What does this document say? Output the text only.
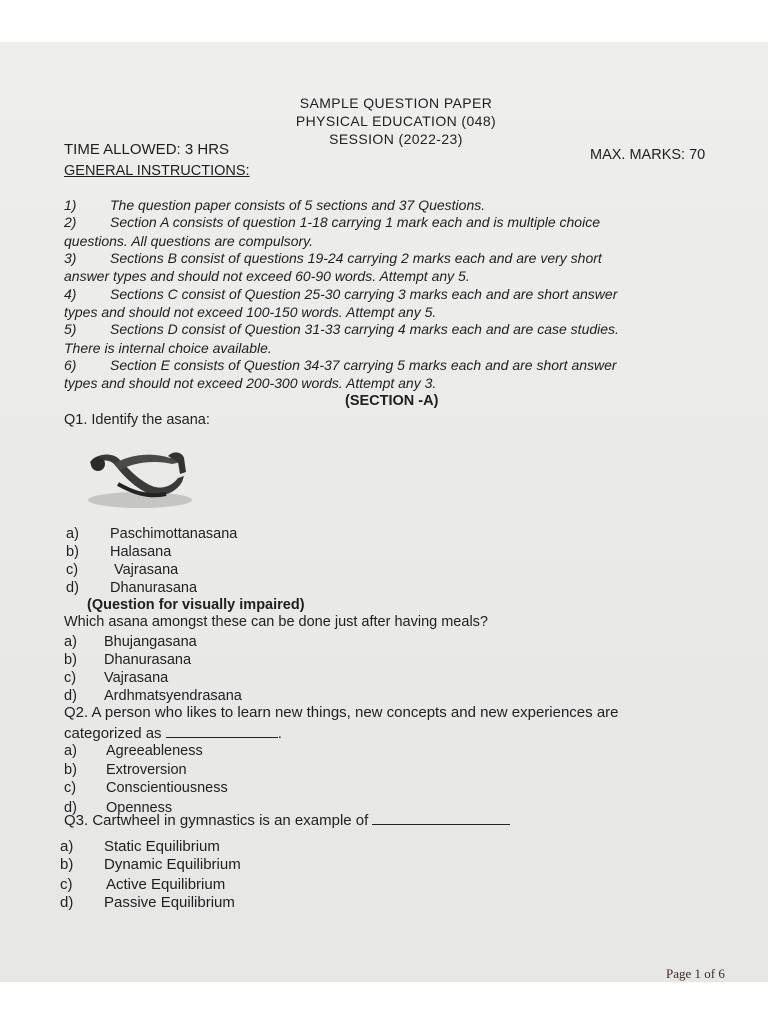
SAMPLE QUESTION PAPER
PHYSICAL EDUCATION (048)
SESSION (2022-23)
TIME ALLOWED: 3 HRS	MAX. MARKS: 70
GENERAL INSTRUCTIONS:
1) The question paper consists of 5 sections and 37 Questions.
2) Section A consists of question 1-18 carrying 1 mark each and is multiple choice
questions. All questions are compulsory.
3) Sections B consist of questions 19-24 carrying 2 marks each and are very short
answer types and should not exceed 60-90 words. Attempt any 5.
4) Sections C consist of Question 25-30 carrying 3 marks each and are short answer
types and should not exceed 100-150 words. Attempt any 5.
5) Sections D consist of Question 31-33 carrying 4 marks each and are case studies.
There is internal choice available.
6) Section E consists of Question 34-37 carrying 5 marks each and are short answer
types and should not exceed 200-300 words. Attempt any 3.
(SECTION -A)
Q1. Identify the asana:
a) Paschimottanasana
b) Halasana
c) Vajrasana
d) Dhanurasana
(Question for visually impaired)
Which asana amongst these can be done just after having meals?
a) Bhujangasana
b) Dhanurasana
c) Vajrasana
d) Ardhmatsyendrasana
Q2. A person who likes to learn new things, new concepts and new experiences are
categorized as	.
a) Agreeableness
b) Extroversion
c) Conscientiousness
d) Openness
Q3. Cartwheel in gymnastics is an example of
a) Static Equilibrium
b) Dynamic Equilibrium
c) Active Equilibrium
d) Passive Equilibrium
Page 1 of 6
